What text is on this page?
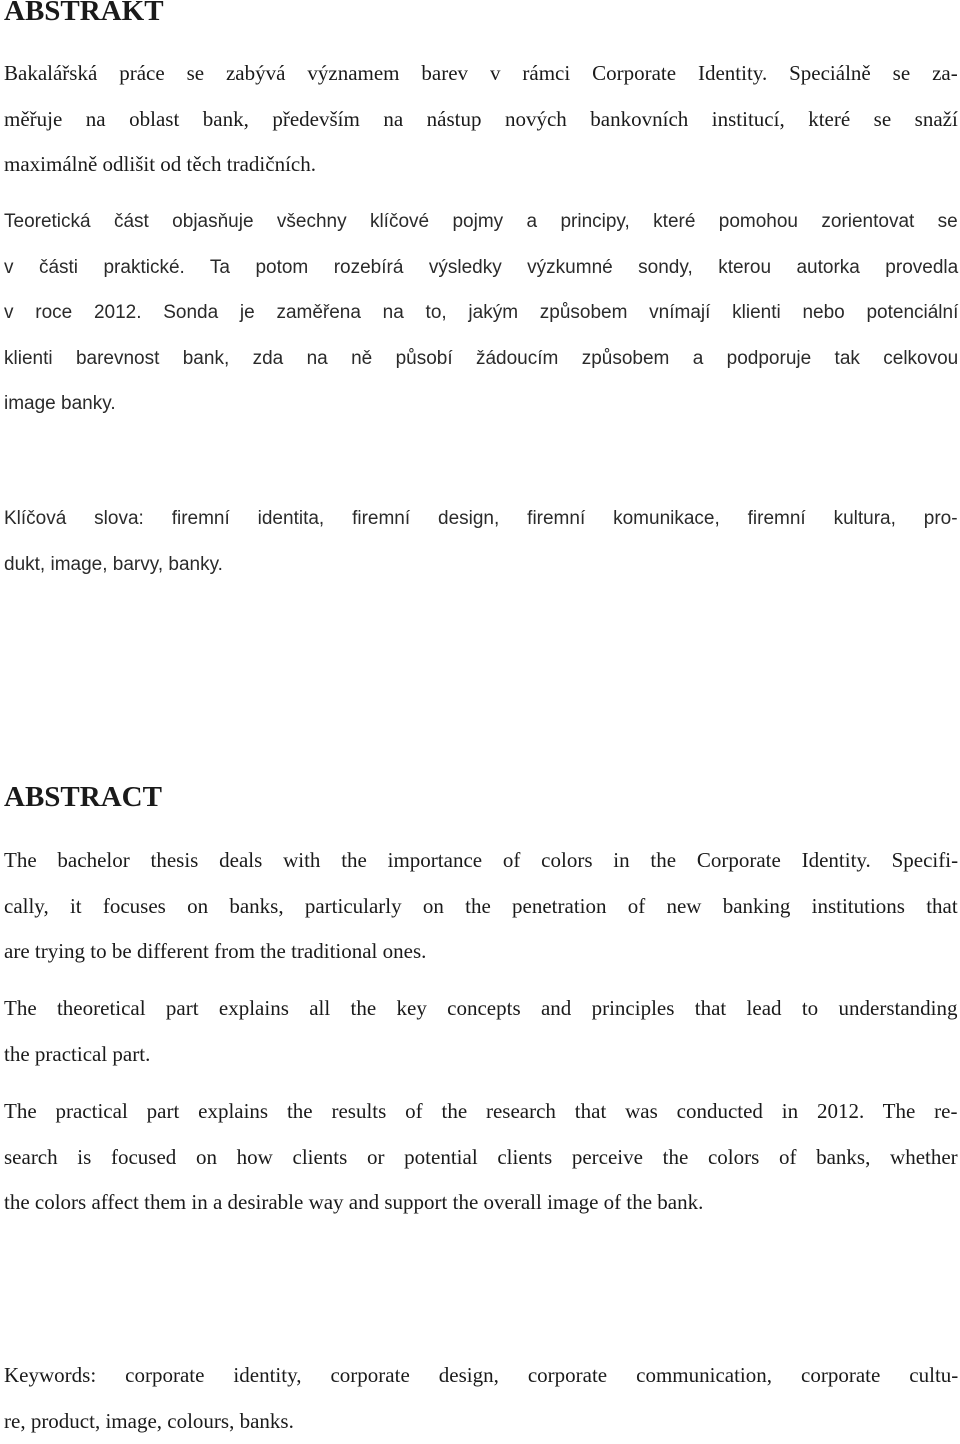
ABSTRAKT

Bakalářská práce se zabývá významem barev v rámci Corporate Identity. Speciálně se za-
měřuje na oblast bank, především na nástup nových bankovních institucí, které se snaží
maximálně odlišit od těch tradičních.

Teoretická část objasňuje všechny klíčové pojmy a principy, které pomohou zorientovat se
v části praktické. Ta potom rozebírá výsledky výzkumné sondy, kterou autorka provedla
v roce 2012. Sonda je zaměřena na to, jakým způsobem vnímají klienti nebo potenciální
klienti barevnost bank, zda na ně působí žádoucím způsobem a podporuje tak celkovou
image banky.

Klíčová slova: firemní identita, firemní design, firemní komunikace, firemní kultura, pro-
dukt, image, barvy, banky.

ABSTRACT

The bachelor thesis deals with the importance of colors in the Corporate Identity. Specifi-
cally, it focuses on banks, particularly on the penetration of new banking institutions that
are trying to be different from the traditional ones.

The theoretical part explains all the key concepts and principles that lead to understanding
the practical part.

The practical part explains the results of the research that was conducted in 2012. The re-
search is focused on how clients or potential clients perceive the colors of banks, whether
the colors affect them in a desirable way and support the overall image of the bank.

Keywords: corporate identity, corporate design, corporate communication, corporate cultu-
re, product, image, colours, banks.
